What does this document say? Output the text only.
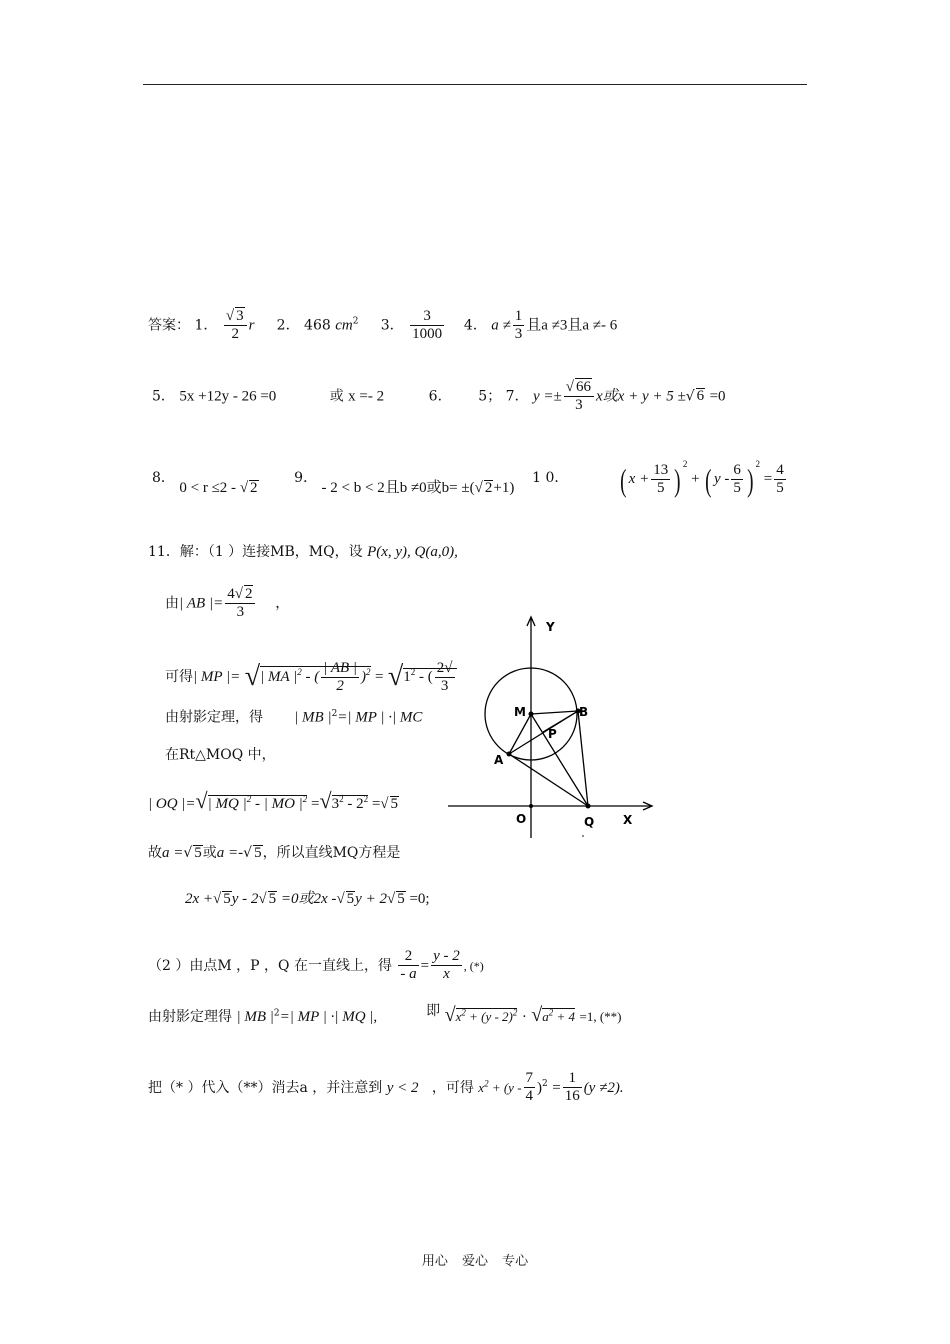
答案： 1． $\frac{√ 3}{2}$ r 2． 468 $cm^2$ 3． $\frac{3}{1000} 4$． $a \ne \frac{1}{3}$ 且a ≠3且a ≠- 6
5． 5x +12y - 26 =0	或 x =- 2	6． 5； 7． $y =\pm \frac{√ 66}{3}$ x或x + y + 5 ±√ 6 =0
8． 0 < r ≤2 - √ 2        9． - 2 < b < 2且b ≠0或b= ±(√ 2+1)    1 0． ( $x + \frac{13}{5}$ ) $^2$ + ( y - $\frac{6}{5}$ ) $^2 = \frac{4}{5}$
11．解：（1 ）连接MB，MQ，设 P(x, y), Q(a,0),
由| AB |= $\frac{4√ 2}{3}$ ，
可得| MP |= √| MA $|^2$ - ( $\frac{| AB |}{2} )^2 = √1^2$ - ( $\frac{2√}{3}$
由射影定理，得 | MB $|^2=|$ MP | ·| MC
在Rt△MOQ 中，
| OQ |=√| MQ $|^2$ - | MO $|^2 =√3^2 - 2^2$ =√ 5
故a =√ 5或a =-√ 5，所以直线MQ方程是
2x +√ 5y - 2√ 5 =0或2x -√ 5y + 2√ 5 =0;
（2 ）由点M ，P ，Q 在一直线上，得 $\frac{2}{- a} = \frac{y - 2}{x}$ , (*)
由射影定理得 | MB $|^2=|$ MP | ·| MQ |,	即 $√x^2 + (y - 2)^2 \cdot √a^2 + 4 =1$, (**)
把（* ）代入（**）消去a ，并注意到 y < 2 ，可得 $x^2 + (y - \frac{7}{4} )^2 = \frac{1}{16} (y \ne 2)$.
Y
X
O	Q
M	B
A
P
用心 爱心 专心
